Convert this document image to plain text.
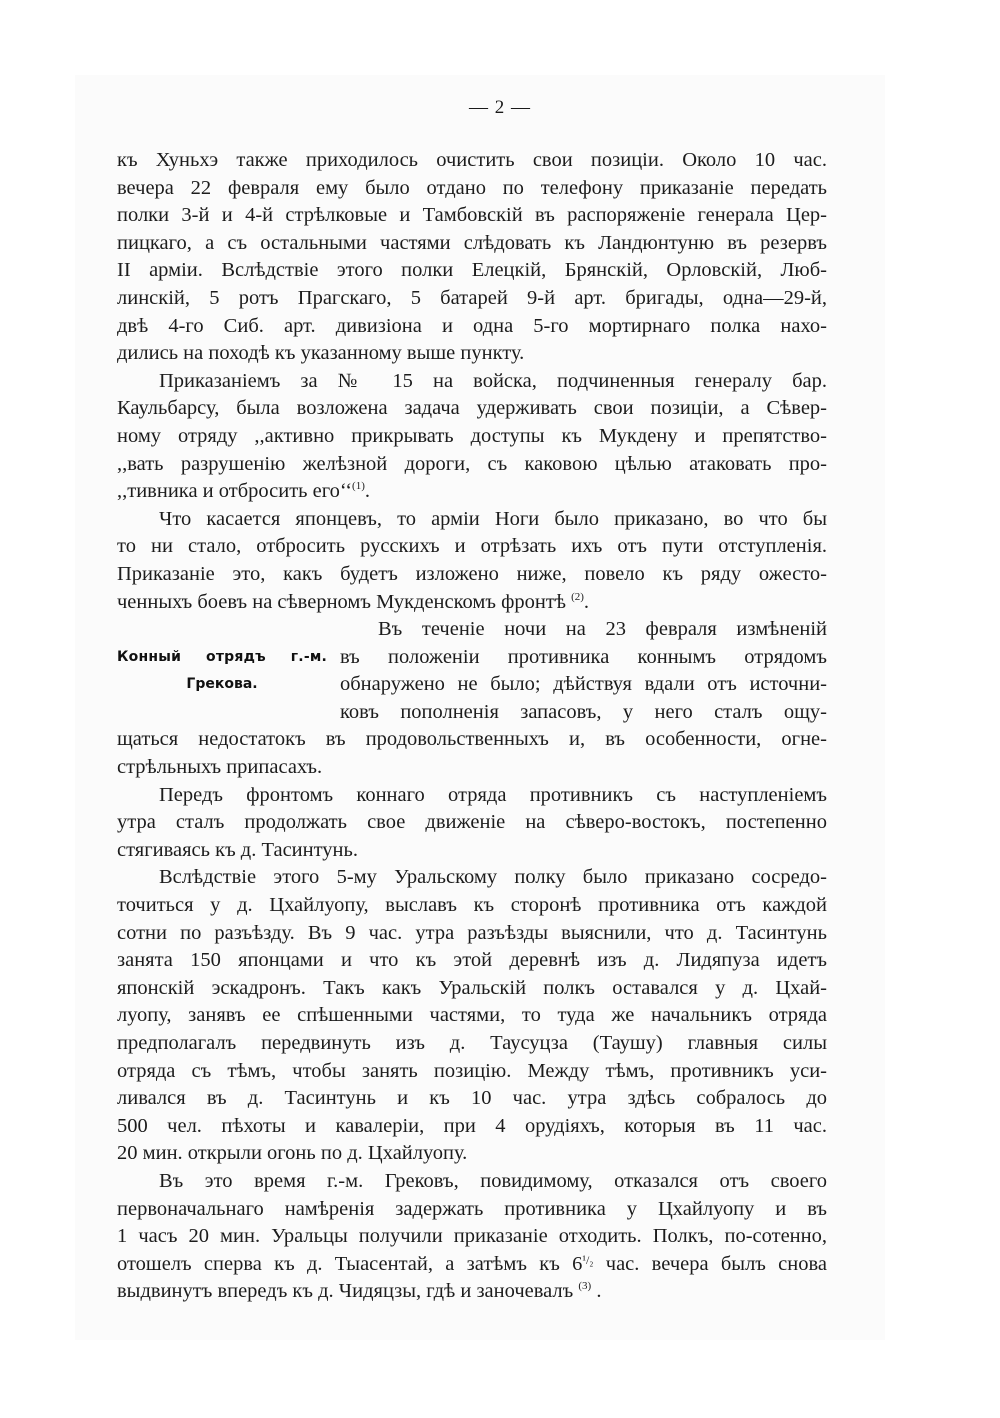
— 2 —
къ Хуньхэ также приходилось очистить свои позиціи. Около 10 час.
вечера 22 февраля ему было отдано по телефону приказаніе передать
полки 3-й и 4-й стрѣлковые и Тамбовскій въ распоряженіе генерала Цер-
пицкаго, а съ остальными частями слѣдовать къ Ландюнтуню въ резервъ
II арміи. Вслѣдствіе этого полки Елецкій, Брянскій, Орловскій, Люб-
линскій, 5 ротъ Прагскаго, 5 батарей 9-й арт. бригады, одна—29-й,
двѣ 4-го Сиб. арт. дивизіона и одна 5-го мортирнаго полка нахо-
дились на походѣ къ указанному выше пункту.
Приказаніемъ за № 15 на войска, подчиненныя генералу бар.
Каульбарсу, была возложена задача удерживать свои позиціи, а Сѣвер-
ному отряду ,,активно прикрывать доступы къ Мукдену и препятство-
,,вать разрушенію желѣзной дороги, съ каковою цѣлью атаковать про-
,,тивника и отбросить его‘‘$^{(1)}$.
Что касается японцевъ, то арміи Ноги было приказано, во что бы
то ни стало, отбросить русскихъ и отрѣзать ихъ отъ пути отступленія.
Приказаніе это, какъ будетъ изложено ниже, повело къ ряду ожесто-
ченныхъ боевъ на сѣверномъ Мукденскомъ фронтѣ $^{(2)}$.
Конный отрядъ г.-м.
Грекова.
Въ теченіе ночи на 23 февраля измѣненій
въ положеніи противника коннымъ отрядомъ
обнаружено не было; дѣйствуя вдали отъ источни-
ковъ пополненія запасовъ, у него сталъ ощу-
щаться недостатокъ въ продовольственныхъ и, въ особенности, огне-
стрѣльныхъ припасахъ.
Передъ фронтомъ коннаго отряда противникъ съ наступленіемъ
утра сталъ продолжать свое движеніе на сѣверо-востокъ, постепенно
стягиваясь къ д. Тасинтунь.
Вслѣдствіе этого 5-му Уральскому полку было приказано сосредо-
точиться у д. Цхайлуопу, выславъ къ сторонѣ противника отъ каждой
сотни по разъѣзду. Въ 9 час. утра разъѣзды выяснили, что д. Тасинтунь
занята 150 японцами и что къ этой деревнѣ изъ д. Лидяпуза идетъ
японскій эскадронъ. Такъ какъ Уральскій полкъ оставался у д. Цхай-
луопу, занявъ ее спѣшенными частями, то туда же начальникъ отряда
предполагалъ передвинуть изъ д. Таусуцза (Таушу) главныя силы
отряда съ тѣмъ, чтобы занять позицію. Между тѣмъ, противникъ уси-
ливался въ д. Тасинтунь и къ 10 час. утра здѣсь собралось до
500 чел. пѣхоты и кавалеріи, при 4 орудіяхъ, которыя въ 11 час.
20 мин. открыли огонь по д. Цхайлуопу.
Въ это время г.-м. Грековъ, повидимому, отказался отъ своего
первоначальнаго намѣренія задержать противника у Цхайлуопу и въ
1 часъ 20 мин. Уральцы получили приказаніе отходить. Полкъ, по-сотенно,
отошелъ сперва къ д. Тыасентай, а затѣмъ къ $6^{^1/_2}$ час. вечера былъ снова
выдвинутъ впередъ къ д. Чидяцзы, гдѣ и заночевалъ $^{(3)}$ .
